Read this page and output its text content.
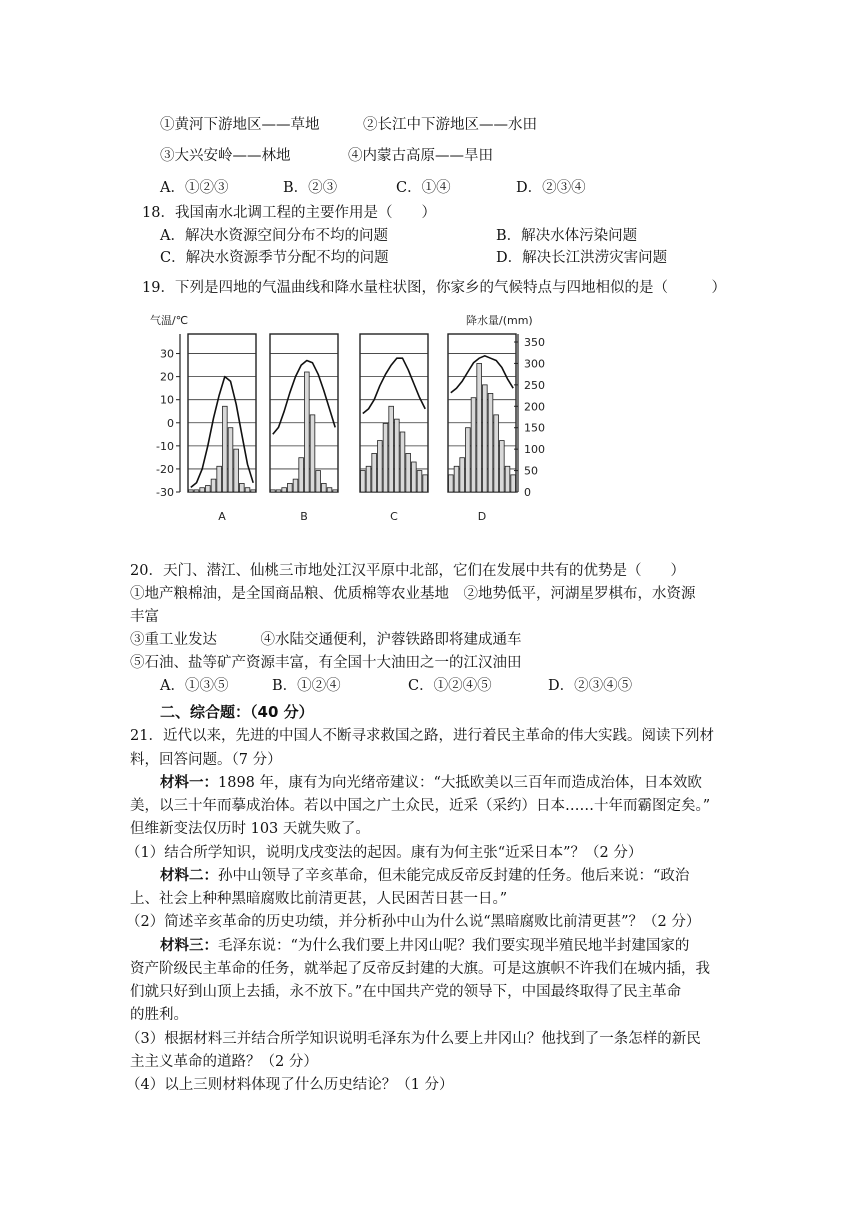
①黄河下游地区——草地	②长江中下游地区——水田
③大兴安岭——林地	④内蒙古高原——旱田
A．①②③	B．②③	C．①④	D．②③④
18．我国南水北调工程的主要作用是（　　）
A．解决水资源空间分布不均的问题	B．解决水体污染问题
C．解决水资源季节分配不均的问题	D．解决长江洪涝灾害问题
19．下列是四地的气温曲线和降水量柱状图，你家乡的气候特点与四地相似的是（　　　）
气温/℃	降水量/(mm)
30
20
10
0
-10
-20
-30
350
300
250
200
150
100
50
0
A	B	C	D
20．天门、潜江、仙桃三市地处江汉平原中北部，它们在发展中共有的优势是（　　）
①地产粮棉油，是全国商品粮、优质棉等农业基地　②地势低平，河湖星罗棋布，水资源
丰富
③重工业发达　　　④水陆交通便利，沪蓉铁路即将建成通车
⑤石油、盐等矿产资源丰富，有全国十大油田之一的江汉油田
A．①③⑤	B．①②④	C．①②④⑤	D．②③④⑤
二、综合题：（40 分）
21．近代以来，先进的中国人不断寻求救国之路，进行着民主革命的伟大实践。阅读下列材
料，回答问题。（7 分）
材料一：1898 年，康有为向光绪帝建议：“大抵欧美以三百年而造成治体，日本效欧
美，以三十年而摹成治体。若以中国之广土众民，近采（采约）日本……十年而霸图定矣。”
但维新变法仅历时 103 天就失败了。
（1）结合所学知识，说明戊戌变法的起因。康有为何主张“近采日本”？（2 分）
材料二：孙中山领导了辛亥革命，但未能完成反帝反封建的任务。他后来说：“政治
上、社会上种种黑暗腐败比前清更甚，人民困苦日甚一日。”
（2）简述辛亥革命的历史功绩，并分析孙中山为什么说“黑暗腐败比前清更甚”？（2 分）
材料三：毛泽东说：“为什么我们要上井冈山呢？我们要实现半殖民地半封建国家的
资产阶级民主革命的任务，就举起了反帝反封建的大旗。可是这旗帜不许我们在城内插，我
们就只好到山顶上去插，永不放下。”在中国共产党的领导下，中国最终取得了民主革命
的胜利。
（3）根据材料三并结合所学知识说明毛泽东为什么要上井冈山？他找到了一条怎样的新民
主主义革命的道路？（2 分）
（4）以上三则材料体现了什么历史结论？（1 分）
